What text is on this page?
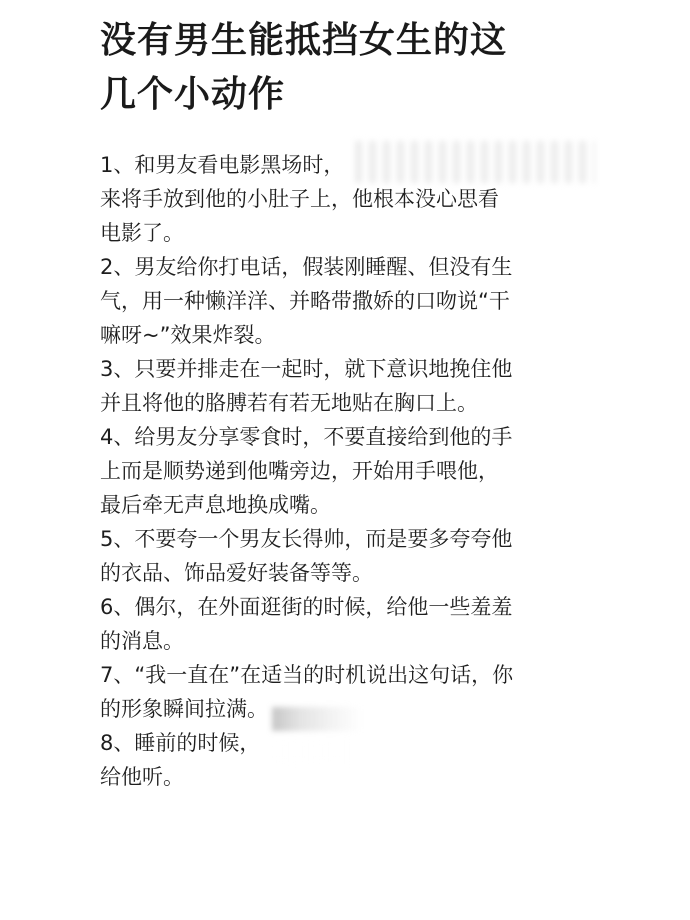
没有男生能抵挡女生的这
几个小动作
1、和男友看电影黑场时，
来将手放到他的小肚子上，他根本没心思看
电影了。
2、男友给你打电话，假装刚睡醒、但没有生
气，用一种懒洋洋、并略带撒娇的口吻说“干
嘛呀~”效果炸裂。
3、只要并排走在一起时，就下意识地挽住他
并且将他的胳膊若有若无地贴在胸口上。
4、给男友分享零食时，不要直接给到他的手
上而是顺势递到他嘴旁边，开始用手喂他，
最后牵无声息地换成嘴。
5、不要夸一个男友长得帅，而是要多夸夸他
的衣品、饰品爱好装备等等。
6、偶尔，在外面逛街的时候，给他一些羞羞
的消息。
7、“我一直在”在适当的时机说出这句话，你
的形象瞬间拉满。
8、睡前的时候，
给他听。
